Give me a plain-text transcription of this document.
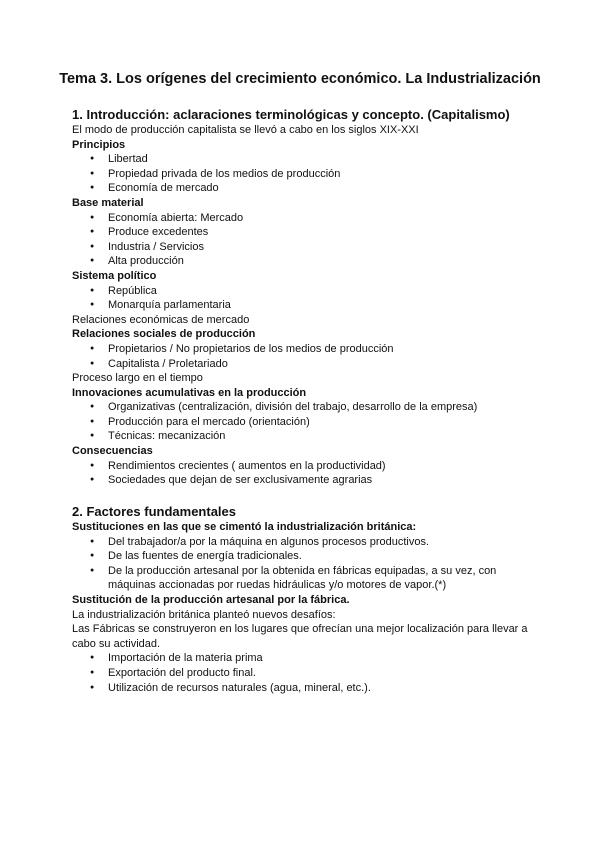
Tema 3. Los orígenes del crecimiento económico. La Industrialización
1. Introducción: aclaraciones terminológicas y concepto. (Capitalismo)
El modo de producción capitalista se llevó a cabo en los siglos XIX-XXI
Principios
● Libertad
● Propiedad privada de los medios de producción
● Economía de mercado
Base material
● Economía abierta: Mercado
● Produce excedentes
● Industria / Servicios
● Alta producción
Sistema político
● República
● Monarquía parlamentaria
Relaciones económicas de mercado
Relaciones sociales de producción
● Propietarios / No propietarios de los medios de producción
● Capitalista / Proletariado
Proceso largo en el tiempo
Innovaciones acumulativas en la producción
● Organizativas (centralización, división del trabajo, desarrollo de la empresa)
● Producción para el mercado (orientación)
● Técnicas: mecanización
Consecuencias
● Rendimientos crecientes ( aumentos en la productividad)
● Sociedades que dejan de ser exclusivamente agrarias
2. Factores fundamentales
Sustituciones en las que se cimentó la industrialización británica:
● Del trabajador/a por la máquina en algunos procesos productivos.
● De las fuentes de energía tradicionales.
● De la producción artesanal por la obtenida en fábricas equipadas, a su vez, con máquinas accionadas por ruedas hidráulicas y/o motores de vapor.(*)
Sustitución de la producción artesanal por la fábrica.
La industrialización británica planteó nuevos desafíos:
Las Fábricas se construyeron en los lugares que ofrecían una mejor localización para llevar a cabo su actividad.
● Importación de la materia prima
● Exportación del producto final.
● Utilización de recursos naturales (agua, mineral, etc.).
